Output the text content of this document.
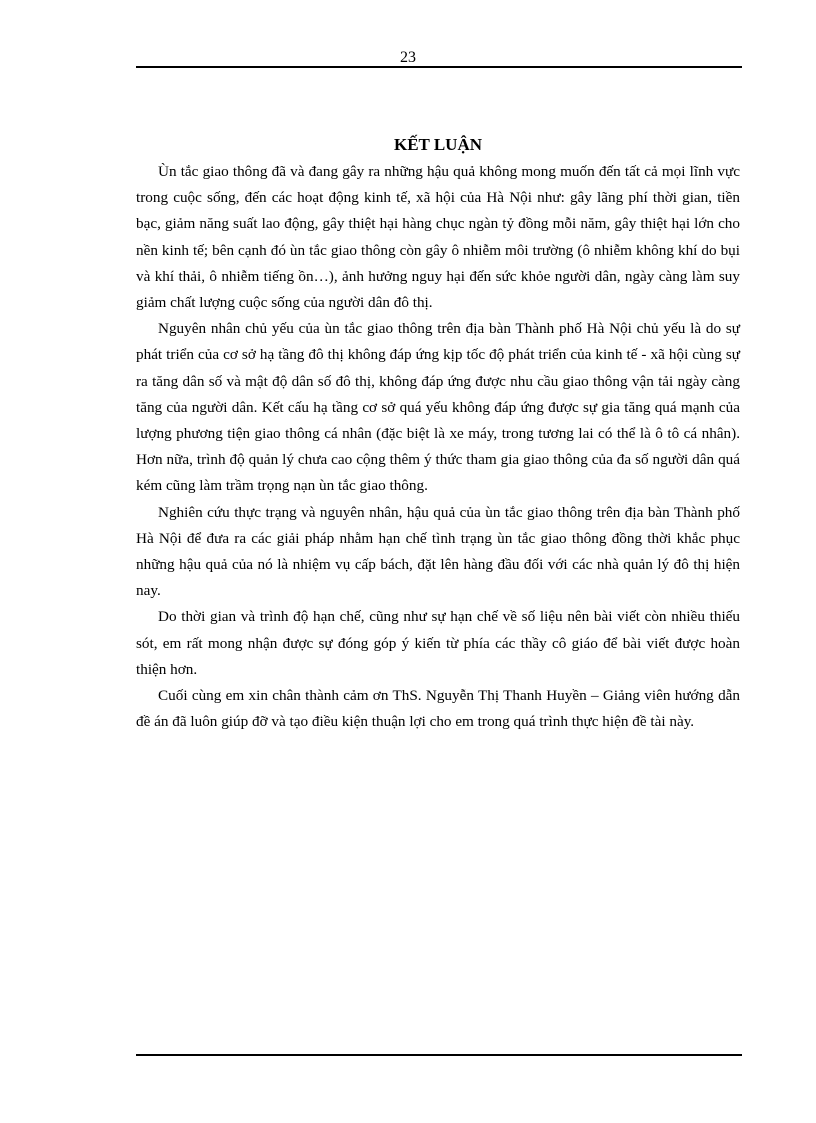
23
KẾT LUẬN

Ùn tắc giao thông đã và đang gây ra những hậu quả không mong muốn đến tất cả mọi lĩnh vực trong cuộc sống, đến các hoạt động kinh tế, xã hội của Hà Nội như: gây lãng phí thời gian, tiền bạc, giảm năng suất lao động, gây thiệt hại hàng chục ngàn tỷ đồng mỗi năm, gây thiệt hại lớn cho nền kinh tế; bên cạnh đó ùn tắc giao thông còn gây ô nhiễm môi trường (ô nhiễm không khí do bụi và khí thải, ô nhiễm tiếng ồn…), ảnh hưởng nguy hại đến sức khỏe người dân, ngày càng làm suy giảm chất lượng cuộc sống của người dân đô thị.

Nguyên nhân chủ yếu của ùn tắc giao thông trên địa bàn Thành phố Hà Nội chủ yếu là do sự phát triển của cơ sở hạ tầng đô thị không đáp ứng kịp tốc độ phát triển của kinh tế - xã hội cùng sự ra tăng dân số và mật độ dân số đô thị, không đáp ứng được nhu cầu giao thông vận tải ngày càng tăng của người dân. Kết cấu hạ tầng cơ sở quá yếu không đáp ứng được sự gia tăng quá mạnh của lượng phương tiện giao thông cá nhân (đặc biệt là xe máy, trong tương lai có thể là ô tô cá nhân). Hơn nữa, trình độ quản lý chưa cao cộng thêm ý thức tham gia giao thông của đa số người dân quá kém cũng làm trầm trọng nạn ùn tắc giao thông.

Nghiên cứu thực trạng và nguyên nhân, hậu quả của ùn tắc giao thông trên địa bàn Thành phố Hà Nội để đưa ra các giải pháp nhằm hạn chế tình trạng ùn tắc giao thông đồng thời khắc phục những hậu quả của nó là nhiệm vụ cấp bách, đặt lên hàng đầu đối với các nhà quản lý đô thị hiện nay.

Do thời gian và trình độ hạn chế, cũng như sự hạn chế về số liệu nên bài viết còn nhiều thiếu sót, em rất mong nhận được sự đóng góp ý kiến từ phía các thầy cô giáo để bài viết được hoàn thiện hơn.

Cuối cùng em xin chân thành cảm ơn ThS. Nguyễn Thị Thanh Huyền – Giảng viên hướng dẫn đề án đã luôn giúp đỡ và tạo điều kiện thuận lợi cho em trong quá trình thực hiện đề tài này.
